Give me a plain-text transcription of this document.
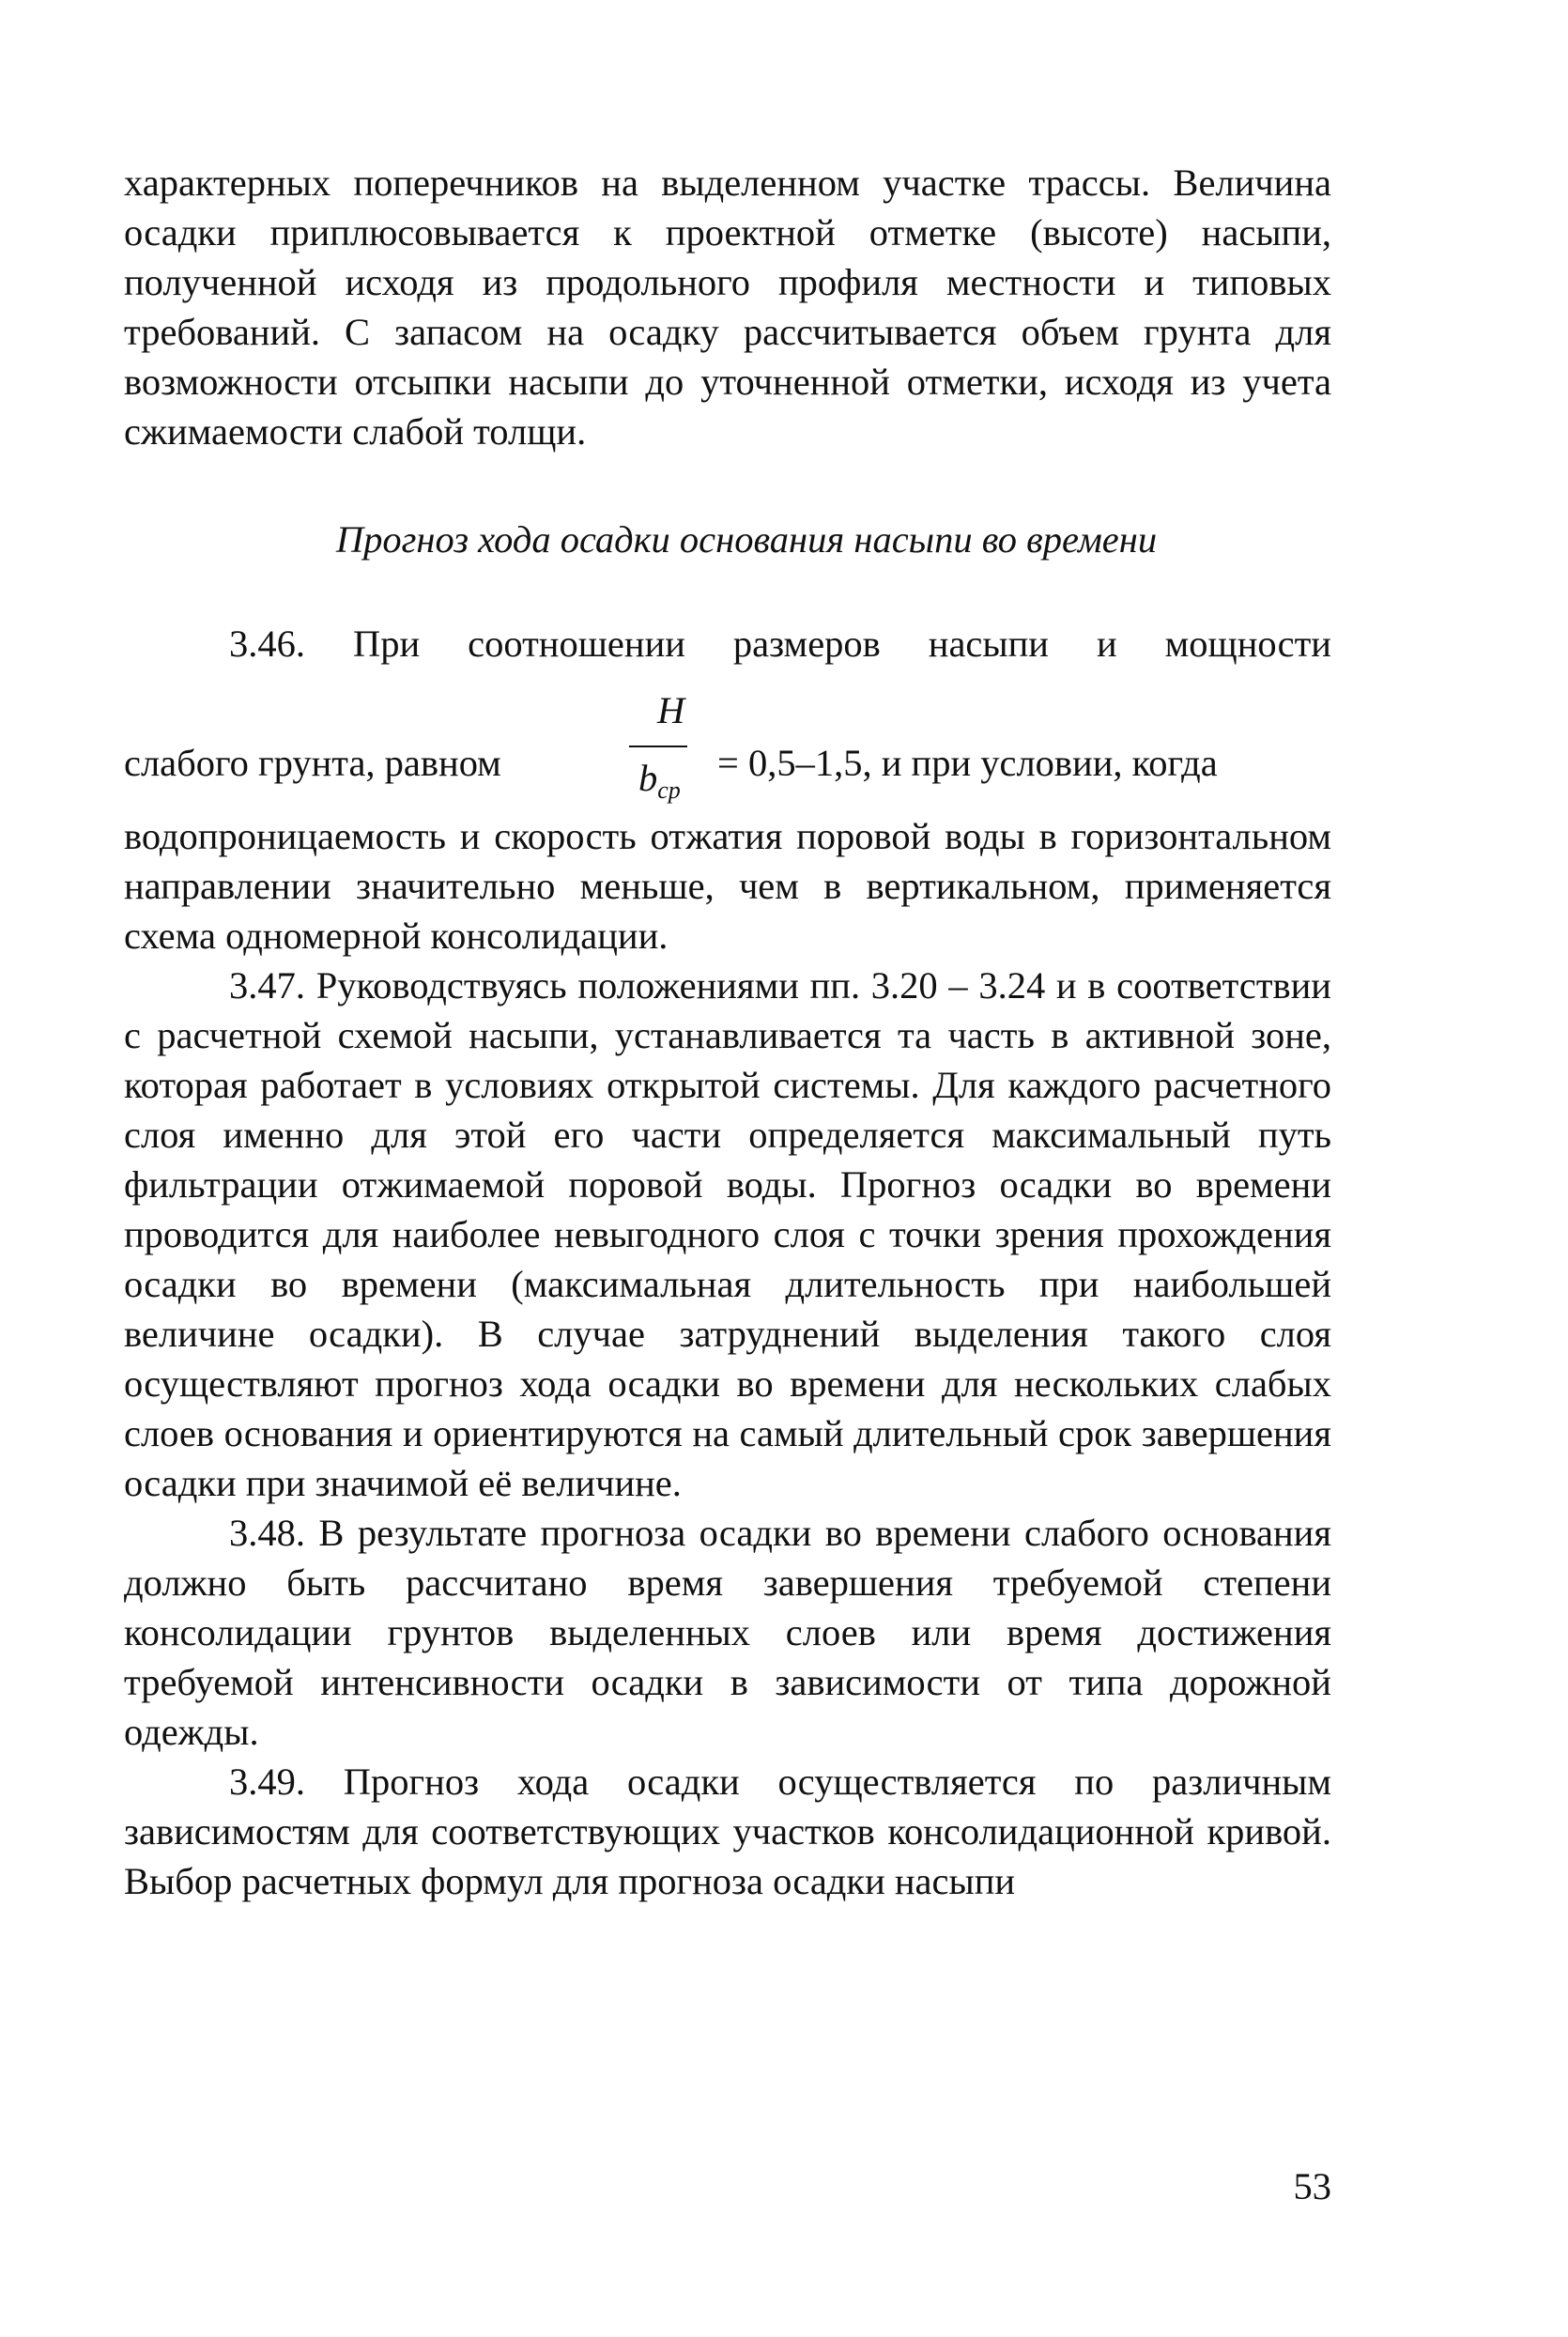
характерных поперечников на выделенном участке трассы. Величина осадки приплюсовывается к проектной отметке (высоте) насыпи, полученной исходя из продольного профиля местности и типовых требований. С запасом на осадку рассчитывается объем грунта для возможности отсыпки насыпи до уточненной отметки, исходя из учета сжимаемости слабой толщи.

Прогноз хода осадки основания насыпи во времени

3.46. При соотношении размеров насыпи и мощности

слабого грунта, равном
H
$b_{ср}$
= 0,5–1,5, и при условии, когда

водопроницаемость и скорость отжатия поровой воды в горизонтальном направлении значительно меньше, чем в вертикальном, применяется схема одномерной консолидации.

3.47. Руководствуясь положениями пп. 3.20 – 3.24 и в соответствии с расчетной схемой насыпи, устанавливается та часть в активной зоне, которая работает в условиях открытой системы. Для каждого расчетного слоя именно для этой его части определяется максимальный путь фильтрации отжимаемой поровой воды. Прогноз осадки во времени проводится для наиболее невыгодного слоя с точки зрения прохождения осадки во времени (максимальная длительность при наибольшей величине осадки). В случае затруднений выделения такого слоя осуществляют прогноз хода осадки во времени для нескольких слабых слоев основания и ориентируются на самый длительный срок завершения осадки при значимой её величине.

3.48. В результате прогноза осадки во времени слабого основания должно быть рассчитано время завершения требуемой степени консолидации грунтов выделенных слоев или время достижения требуемой интенсивности осадки в зависимости от типа дорожной одежды.

3.49. Прогноз хода осадки осуществляется по различным зависимостям для соответствующих участков консолидационной кривой. Выбор расчетных формул для прогноза осадки насыпи

53
